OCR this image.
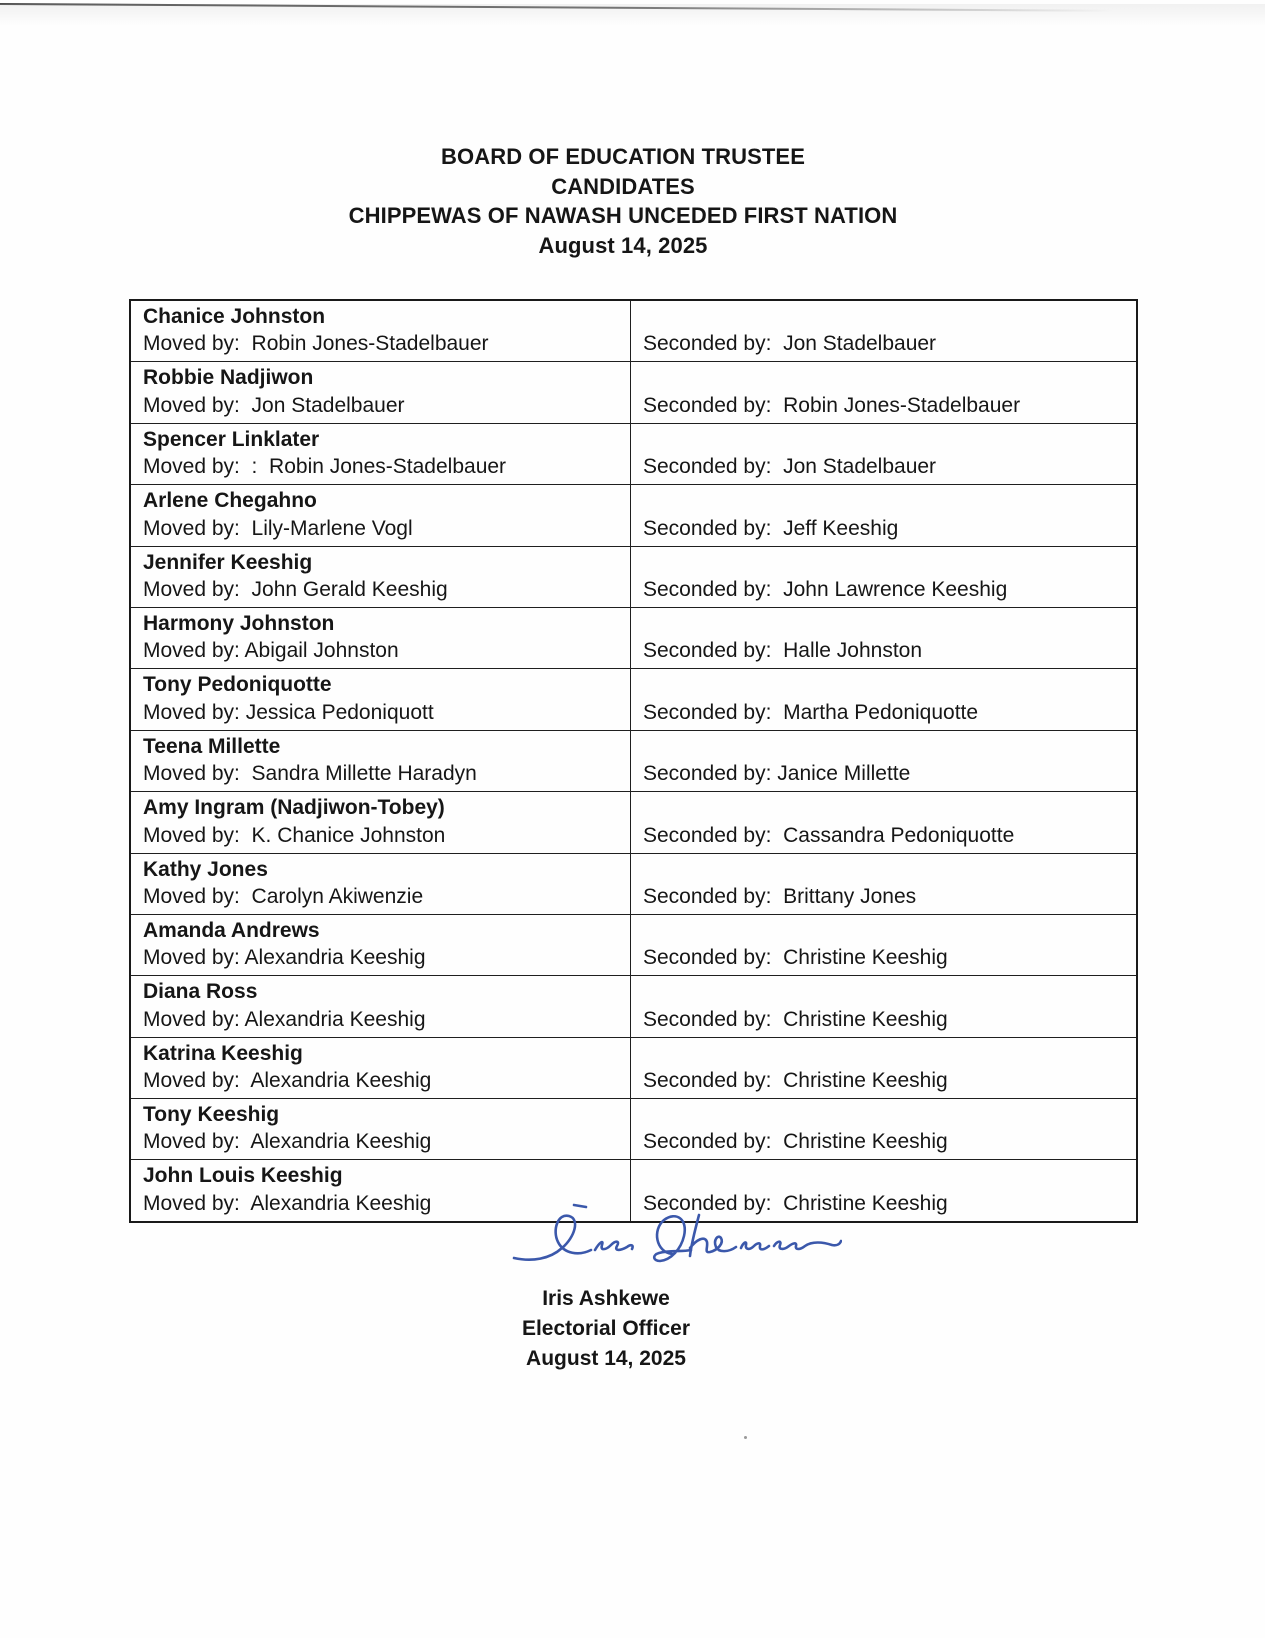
BOARD OF EDUCATION TRUSTEE
CANDIDATES
CHIPPEWAS OF NAWASH UNCEDED FIRST NATION
August 14, 2025
Chanice Johnston
Moved by:  Robin Jones-Stadelbauer	Seconded by:  Jon Stadelbauer

Robbie Nadjiwon
Moved by:  Jon Stadelbauer	Seconded by:  Robin Jones-Stadelbauer

Spencer Linklater
Moved by:  :  Robin Jones-Stadelbauer	Seconded by:  Jon Stadelbauer

Arlene Chegahno
Moved by:  Lily-Marlene Vogl	Seconded by:  Jeff Keeshig

Jennifer Keeshig
Moved by:  John Gerald Keeshig	Seconded by:  John Lawrence Keeshig

Harmony Johnston
Moved by: Abigail Johnston	Seconded by:  Halle Johnston

Tony Pedoniquotte
Moved by: Jessica Pedoniquott	Seconded by:  Martha Pedoniquotte

Teena Millette
Moved by:  Sandra Millette Haradyn	Seconded by: Janice Millette

Amy Ingram (Nadjiwon-Tobey)
Moved by:  K. Chanice Johnston	Seconded by:  Cassandra Pedoniquotte

Kathy Jones
Moved by:  Carolyn Akiwenzie	Seconded by:  Brittany Jones

Amanda Andrews
Moved by: Alexandria Keeshig	Seconded by:  Christine Keeshig

Diana Ross
Moved by: Alexandria Keeshig	Seconded by:  Christine Keeshig

Katrina Keeshig
Moved by:  Alexandria Keeshig	Seconded by:  Christine Keeshig

Tony Keeshig
Moved by:  Alexandria Keeshig	Seconded by:  Christine Keeshig

John Louis Keeshig
Moved by:  Alexandria Keeshig	Seconded by:  Christine Keeshig
Iris Ashkewe
Electorial Officer
August 14, 2025
